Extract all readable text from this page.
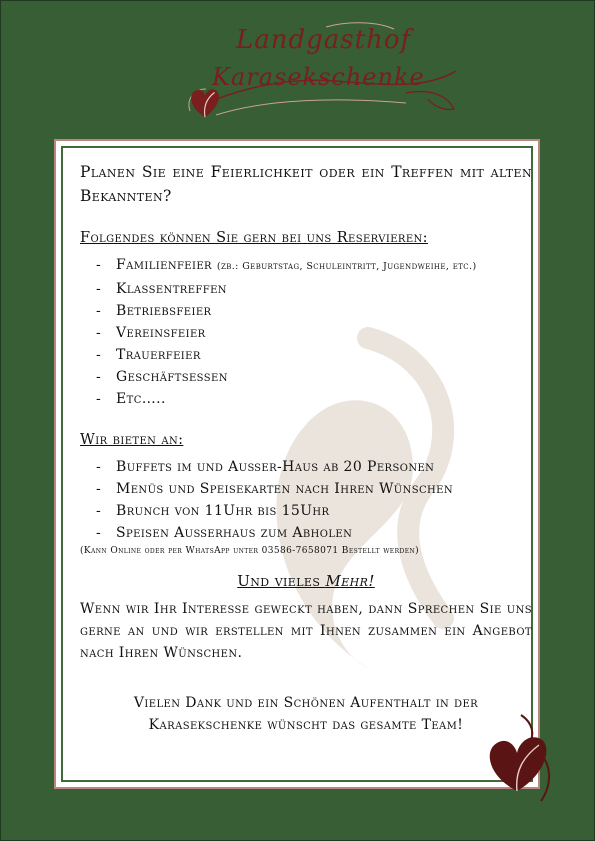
Landgasthof
Karasekschenke

Planen Sie eine Feierlichkeit oder ein Treffen mit alten Bekannten?

Folgendes können Sie gern bei uns Reservieren:
- Familienfeier (zb.: Geburtstag, Schuleintritt, Jugendweihe, etc.)
- Klassentreffen
- Betriebsfeier
- Vereinsfeier
- Trauerfeier
- Geschäftsessen
- Etc…..
Wir bieten an:
- Buffets im und Außer-Haus ab 20 Personen
- Menüs und Speisekarten nach Ihren Wünschen
- Brunch von 11Uhr bis 15Uhr
- Speisen Außerhaus zum Abholen

(Kann Online oder per WhatsApp unter 03586-7658071 Bestellt werden)

Und vieles Mehr!

Wenn wir Ihr Interesse geweckt haben, dann Sprechen Sie uns gerne an und wir erstellen mit Ihnen zusammen ein Angebot nach Ihren Wünschen.

Vielen Dank und ein Schönen Aufenthalt in der Karasekschenke wünscht das gesamte Team!
